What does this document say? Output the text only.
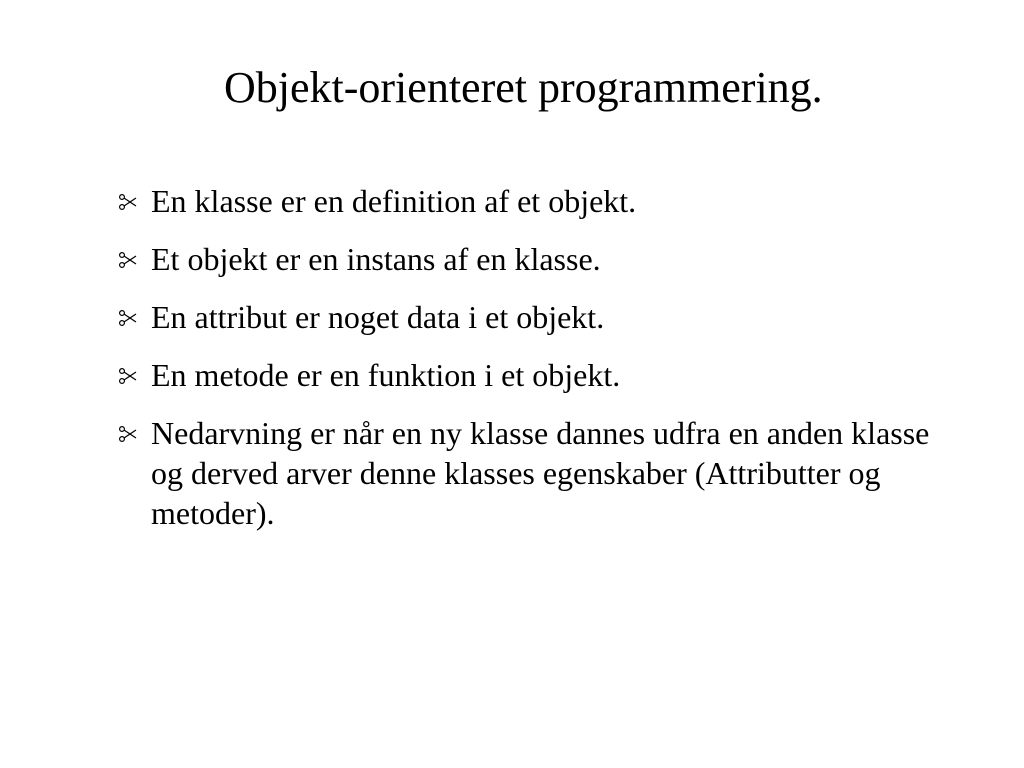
Objekt-orienteret programmering.
En klasse er en definition af et objekt.
Et objekt er en instans af en klasse.
En attribut er noget data i et objekt.
En metode er en funktion i et objekt.
Nedarvning er når en ny klasse dannes udfra en anden klasse og derved arver denne klasses egenskaber (Attributter og metoder).
